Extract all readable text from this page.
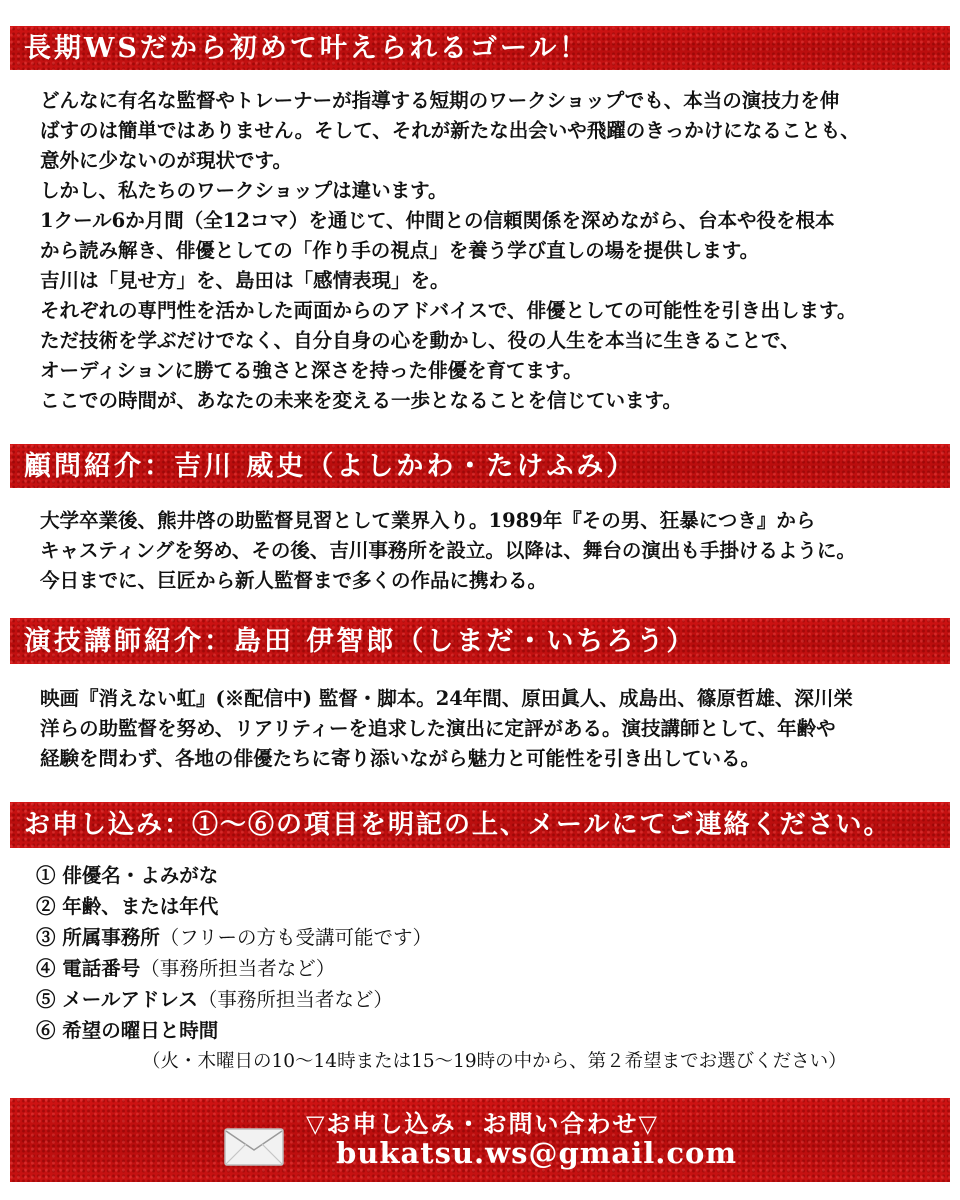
長期WSだから初めて叶えられるゴール！
どんなに有名な監督やトレーナーが指導する短期のワークショップでも、本当の演技力を伸
ばすのは簡単ではありません。そして、それが新たな出会いや飛躍のきっかけになることも、
意外に少ないのが現状です。
しかし、私たちのワークショップは違います。
1クール6か月間（全12コマ）を通じて、仲間との信頼関係を深めながら、台本や役を根本
から読み解き、俳優としての「作り手の視点」を養う学び直しの場を提供します。
吉川は「見せ方」を、島田は「感情表現」を。
それぞれの専門性を活かした両面からのアドバイスで、俳優としての可能性を引き出します。
ただ技術を学ぶだけでなく、自分自身の心を動かし、役の人生を本当に生きることで、
オーディションに勝てる強さと深さを持った俳優を育てます。
ここでの時間が、あなたの未来を変える一歩となることを信じています。
顧問紹介：吉川 威史（よしかわ・たけふみ）
大学卒業後、熊井啓の助監督見習として業界入り。1989年『その男、狂暴につき』から
キャスティングを努め、その後、吉川事務所を設立。以降は、舞台の演出も手掛けるように。
今日までに、巨匠から新人監督まで多くの作品に携わる。
演技講師紹介：島田 伊智郎（しまだ・いちろう）
映画『消えない虹』(※配信中) 監督・脚本。24年間、原田眞人、成島出、篠原哲雄、深川栄
洋らの助監督を努め、リアリティーを追求した演出に定評がある。演技講師として、年齢や
経験を問わず、各地の俳優たちに寄り添いながら魅力と可能性を引き出している。
お申し込み：①〜⑥の項目を明記の上、メールにてご連絡ください。
① 俳優名・よみがな
② 年齢、または年代
③ 所属事務所（フリーの方も受講可能です）
④ 電話番号（事務所担当者など）
⑤ メールアドレス（事務所担当者など）
⑥ 希望の曜日と時間
（火・木曜日の10〜14時または15〜19時の中から、第２希望までお選びください）
▽お申し込み・お問い合わせ▽
bukatsu.ws@gmail.com
